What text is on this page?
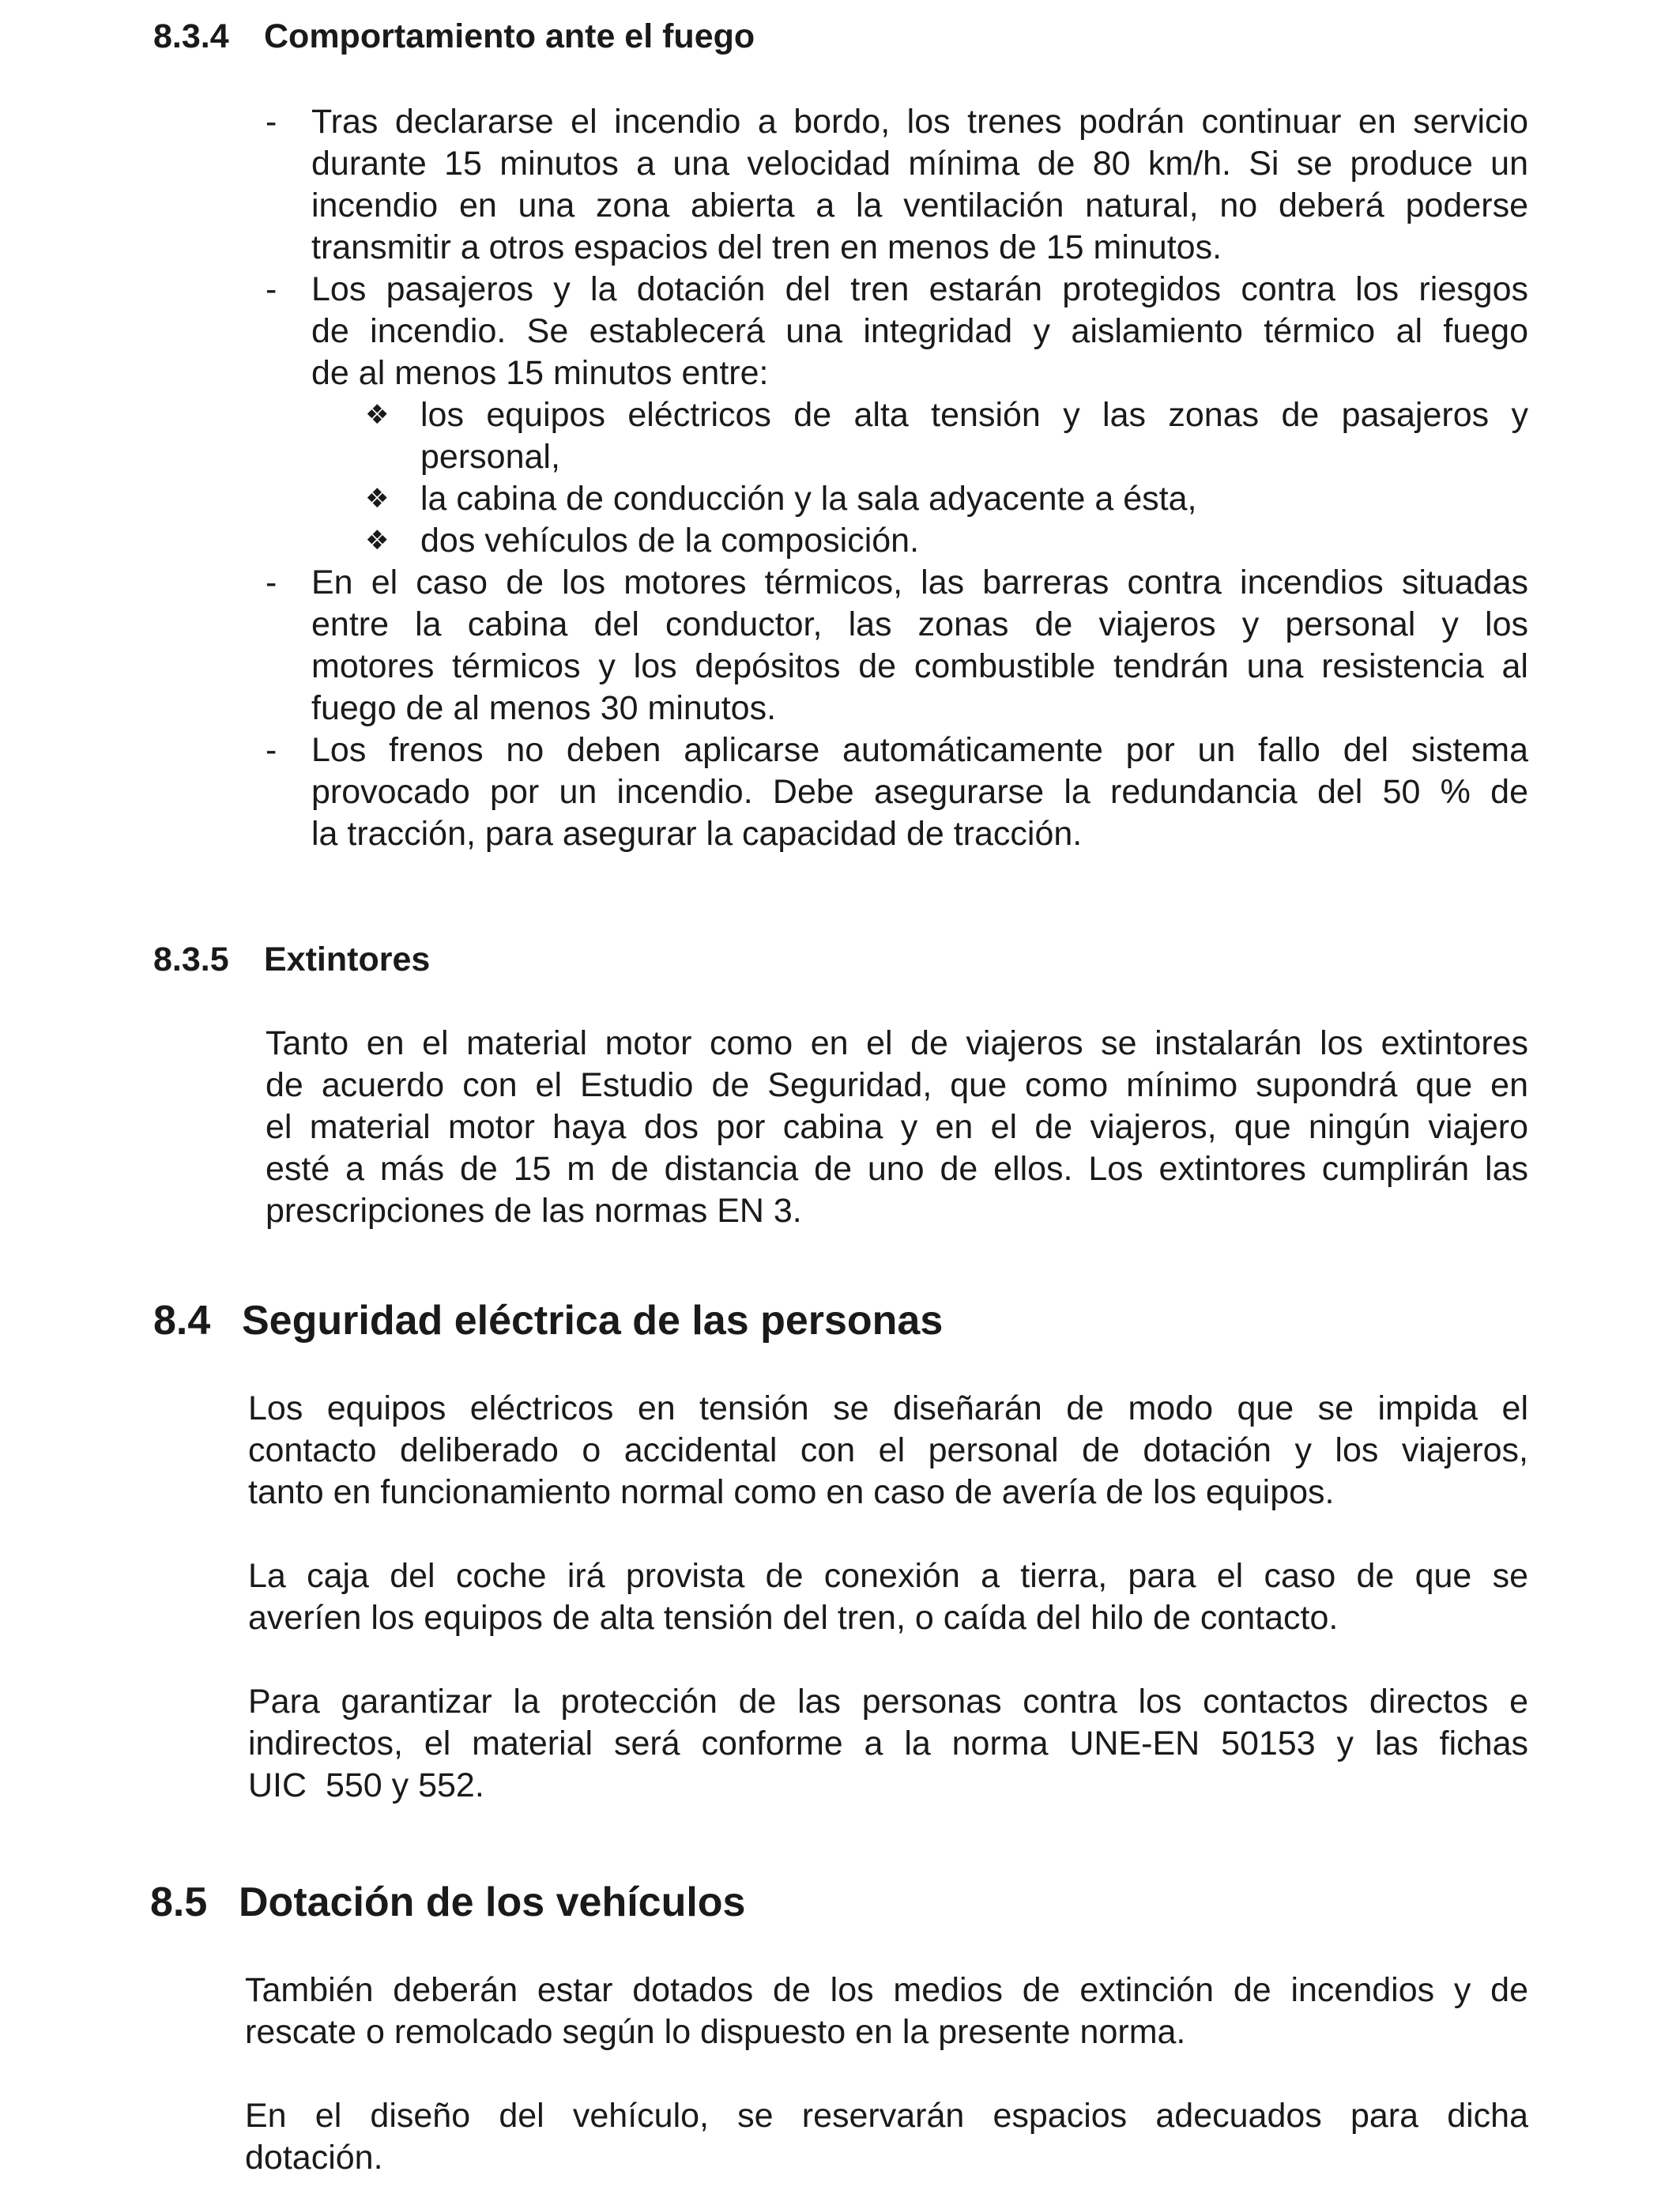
8.3.4 Comportamiento ante el fuego
- Tras declararse el incendio a bordo, los trenes podrán continuar en servicio
durante 15 minutos a una velocidad mínima de 80 km/h. Si se produce un
incendio en una zona abierta a la ventilación natural, no deberá poderse
transmitir a otros espacios del tren en menos de 15 minutos.
- Los pasajeros y la dotación del tren estarán protegidos contra los riesgos
de incendio. Se establecerá una integridad y aislamiento térmico al fuego
de al menos 15 minutos entre:
❖ los equipos eléctricos de alta tensión y las zonas de pasajeros y
personal,
❖ la cabina de conducción y la sala adyacente a ésta,
❖ dos vehículos de la composición.
- En el caso de los motores térmicos, las barreras contra incendios situadas
entre la cabina del conductor, las zonas de viajeros y personal y los
motores térmicos y los depósitos de combustible tendrán una resistencia al
fuego de al menos 30 minutos.
- Los frenos no deben aplicarse automáticamente por un fallo del sistema
provocado por un incendio. Debe asegurarse la redundancia del 50 % de
la tracción, para asegurar la capacidad de tracción.
8.3.5 Extintores
Tanto en el material motor como en el de viajeros se instalarán los extintores
de acuerdo con el Estudio de Seguridad, que como mínimo supondrá que en
el material motor haya dos por cabina y en el de viajeros, que ningún viajero
esté a más de 15 m de distancia de uno de ellos. Los extintores cumplirán las
prescripciones de las normas EN 3.
8.4 Seguridad eléctrica de las personas
Los equipos eléctricos en tensión se diseñarán de modo que se impida el
contacto deliberado o accidental con el personal de dotación y los viajeros,
tanto en funcionamiento normal como en caso de avería de los equipos.
La caja del coche irá provista de conexión a tierra, para el caso de que se
averíen los equipos de alta tensión del tren, o caída del hilo de contacto.
Para garantizar la protección de las personas contra los contactos directos e
indirectos, el material será conforme a la norma UNE-EN 50153 y las fichas
UIC  550 y 552.
8.5 Dotación de los vehículos
También deberán estar dotados de los medios de extinción de incendios y de
rescate o remolcado según lo dispuesto en la presente norma.
En el diseño del vehículo, se reservarán espacios adecuados para dicha
dotación.
